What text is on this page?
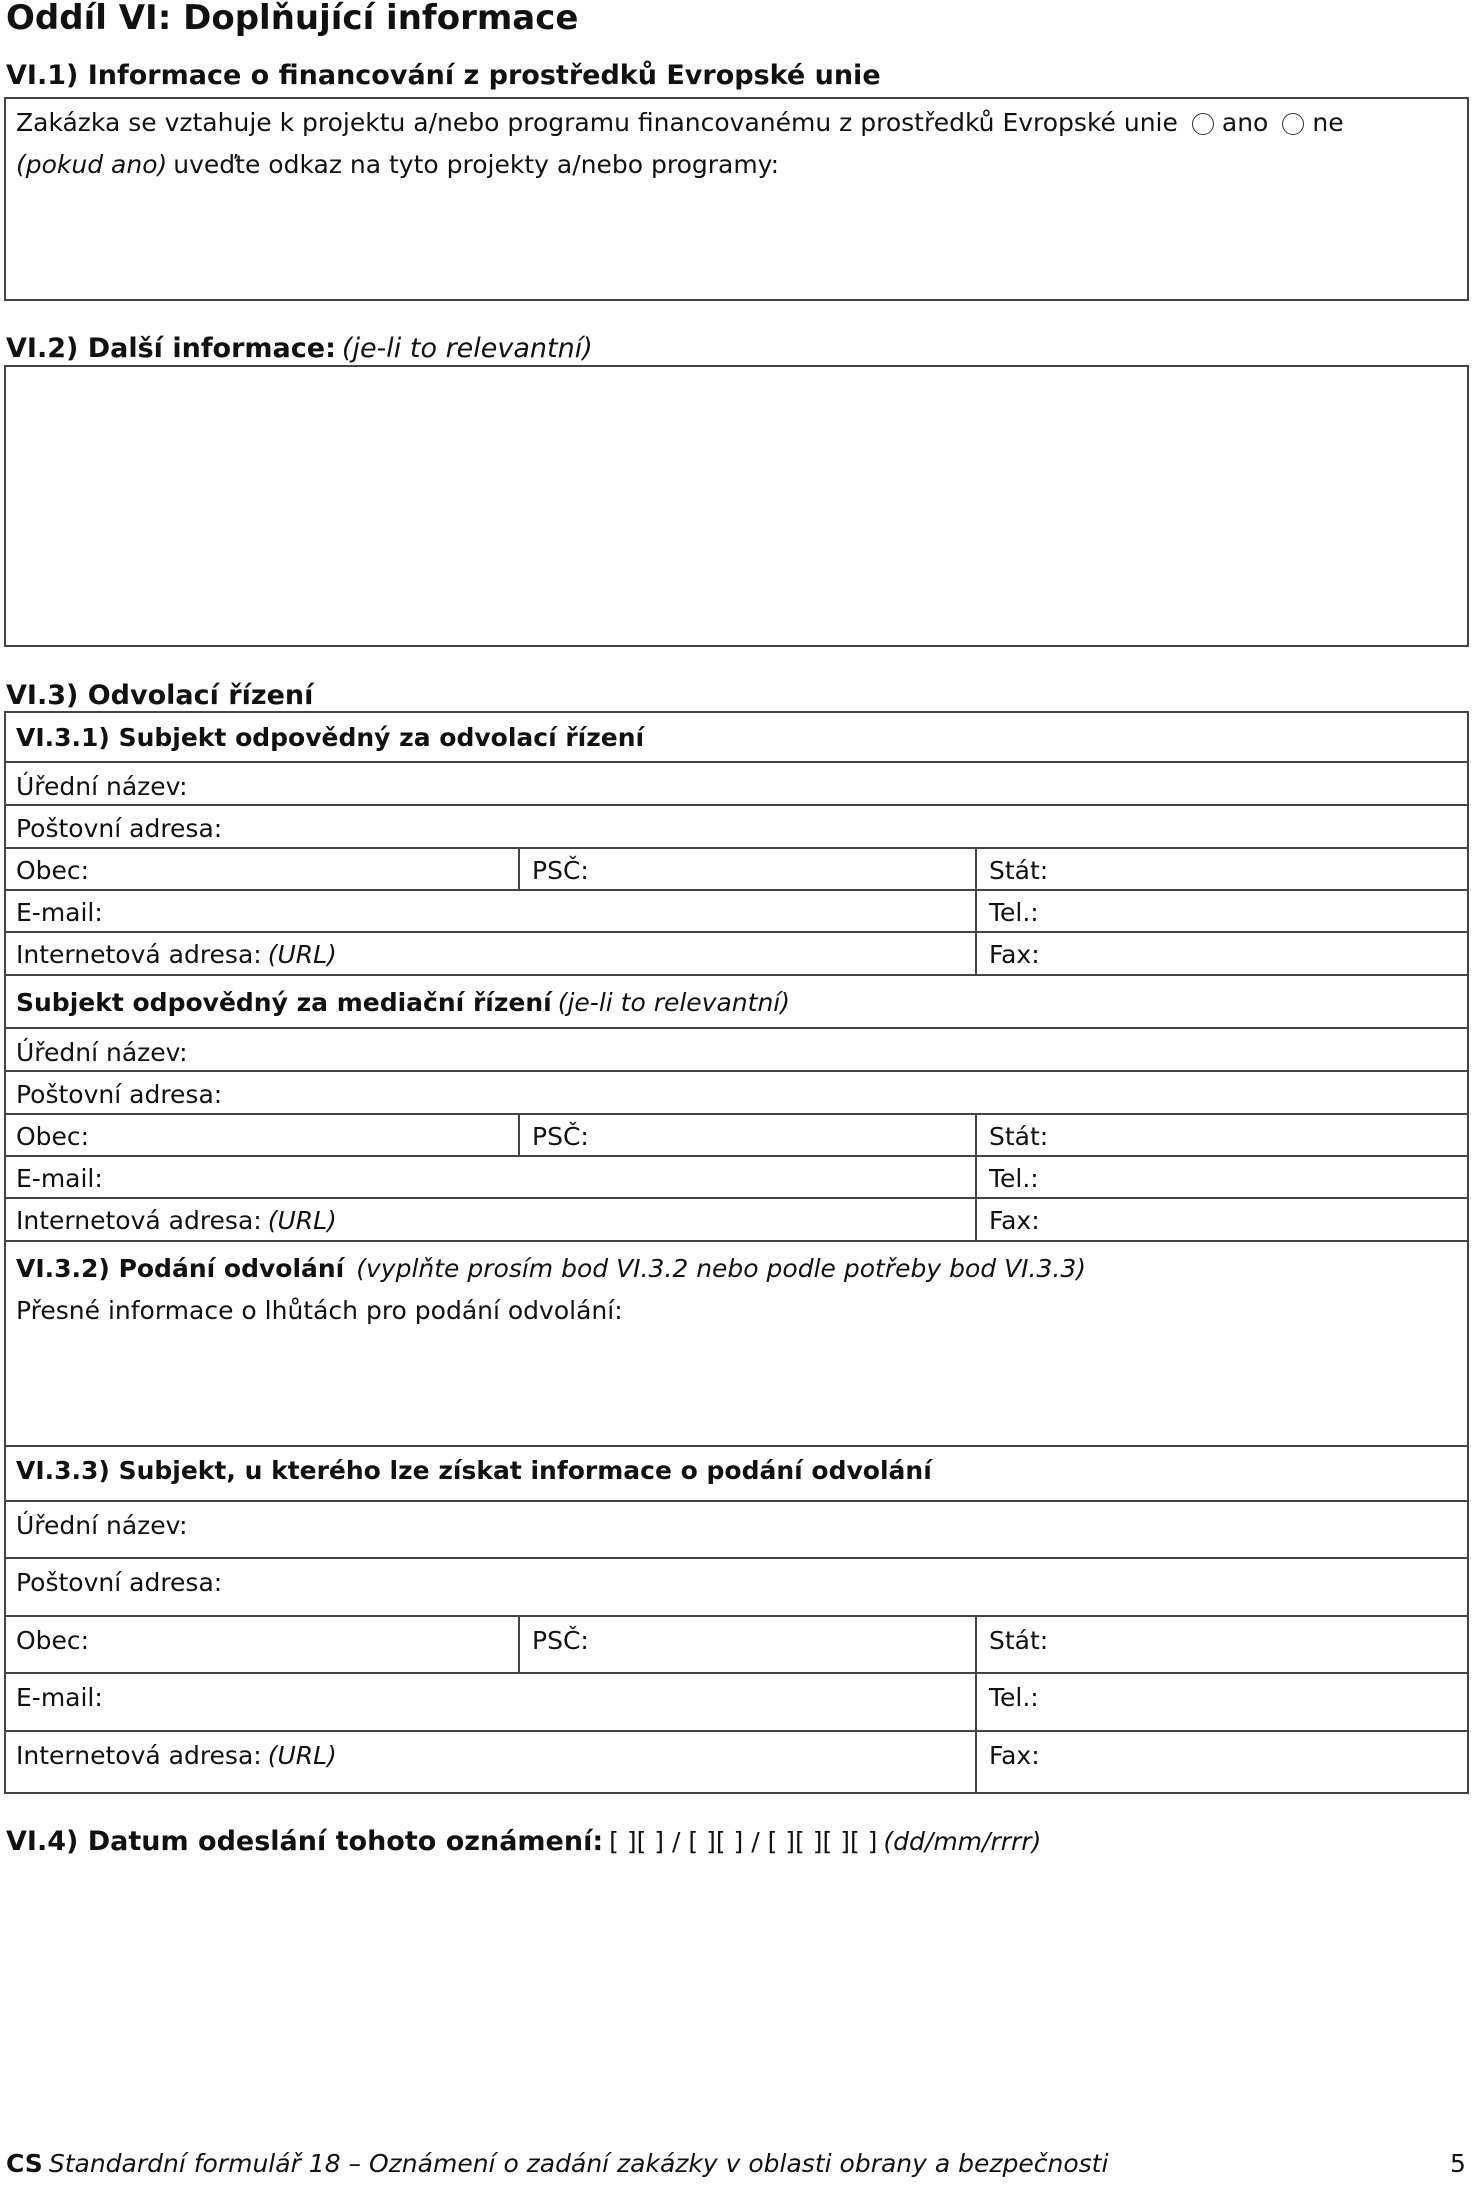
Oddíl VI: Doplňující informace
VI.1) Informace o financování z prostředků Evropské unie
Zakázka se vztahuje k projektu a/nebo programu financovanému z prostředků Evropské unie ano ne
(pokud ano) uveďte odkaz na tyto projekty a/nebo programy:
VI.2) Další informace: (je-li to relevantní)
VI.3) Odvolací řízení
VI.3.1) Subjekt odpovědný za odvolací řízení
Úřední název:
Poštovní adresa:
Obec:	PSČ:	Stát:
E-mail:	Tel.:
Internetová adresa: (URL)	Fax:
Subjekt odpovědný za mediační řízení (je-li to relevantní)
Úřední název:
Poštovní adresa:
Obec:	PSČ:	Stát:
E-mail:	Tel.:
Internetová adresa: (URL)	Fax:
VI.3.2) Podání odvolání (vyplňte prosím bod VI.3.2 nebo podle potřeby bod VI.3.3)
Přesné informace o lhůtách pro podání odvolání:
VI.3.3) Subjekt, u kterého lze získat informace o podání odvolání
Úřední název:
Poštovní adresa:
Obec:	PSČ:	Stát:
E-mail:	Tel.:
Internetová adresa: (URL)	Fax:
VI.4) Datum odeslání tohoto oznámení: [ ][ ] / [ ][ ] / [ ][ ][ ][ ] (dd/mm/rrrr)
CS Standardní formulář 18 – Oznámení o zadání zakázky v oblasti obrany a bezpečnosti	5
